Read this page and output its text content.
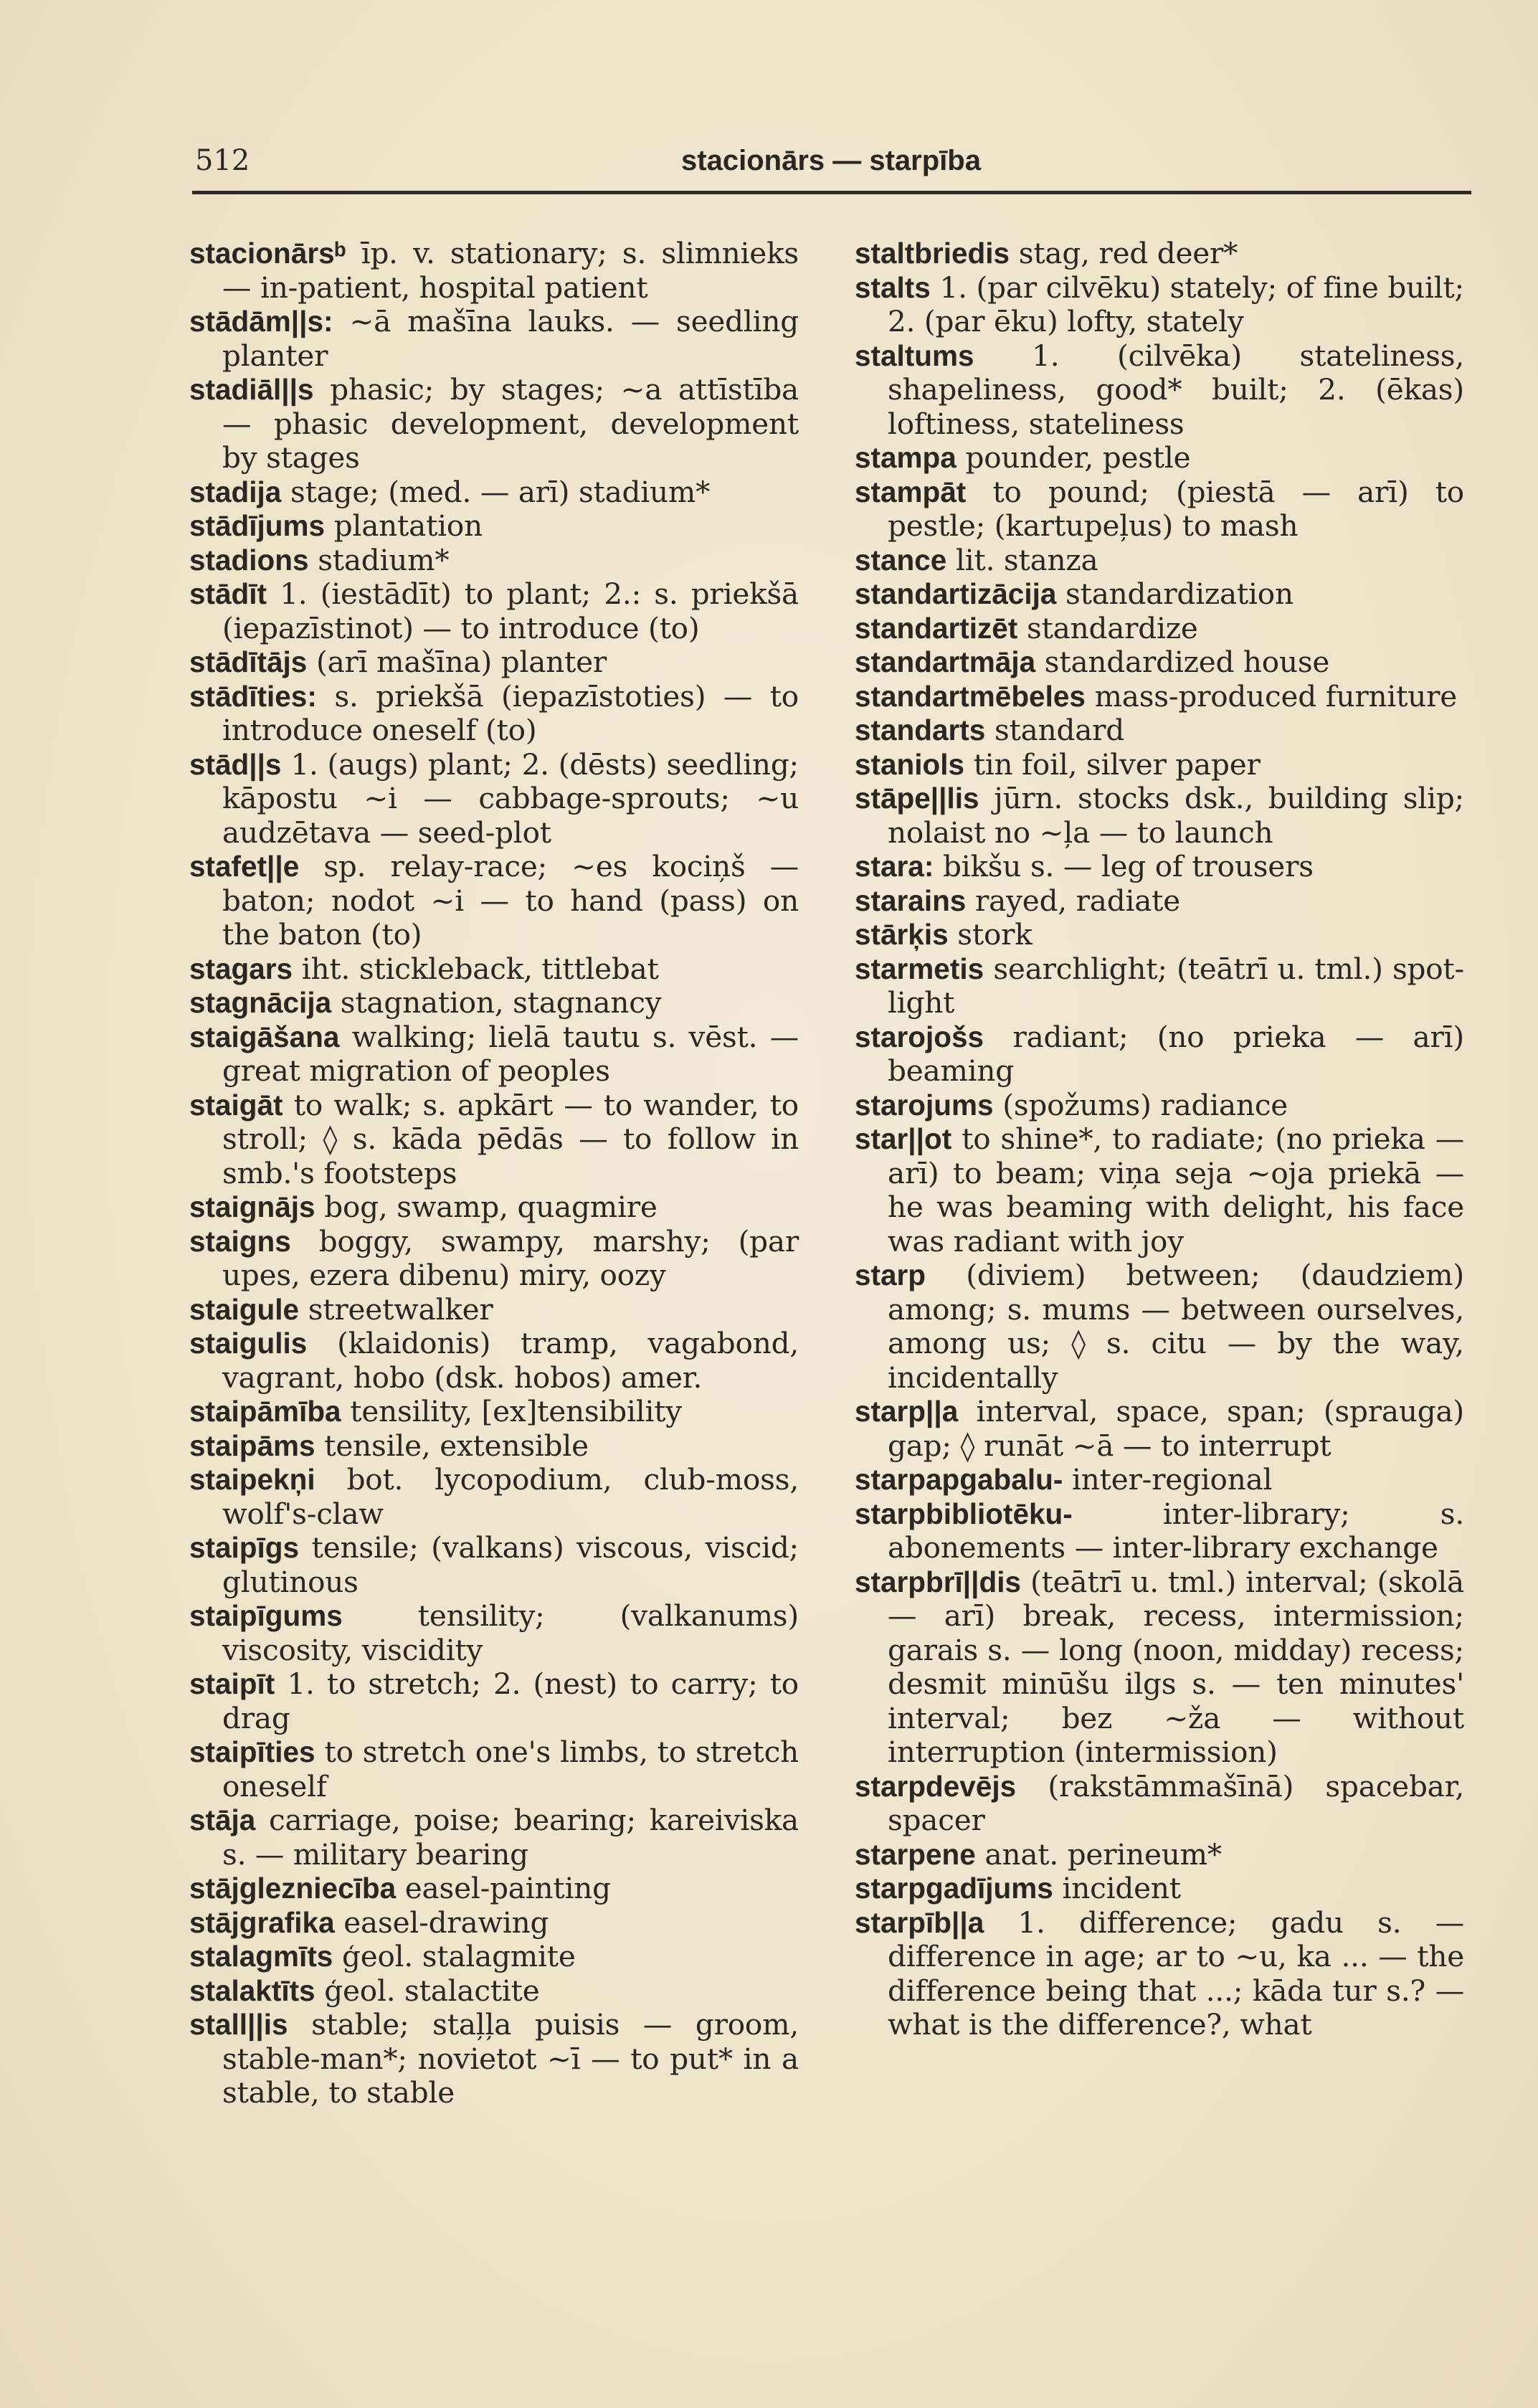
512	stacionārs — starpība
stacionārsᵇ īp. v. stationary; s. slimnieks — in-patient, hospital patient
stādām||s: ~ā mašīna lauks. — seedling planter
stadiāl||s phasic; by stages; ~a attīstība — phasic development, development by stages
stadija stage; (med. — arī) stadium*
stādījums plantation
stadions stadium*
stādīt 1. (iestādīt) to plant; 2.: s. priekšā (iepazīstinot) — to introduce (to)
stādītājs (arī mašīna) planter
stādīties: s. priekšā (iepazīstoties) — to introduce oneself (to)
stād||s 1. (augs) plant; 2. (dēsts) seedling; kāpostu ~i — cabbage-sprouts; ~u audzētava — seed-plot
stafet||e sp. relay-race; ~es kociņš — baton; nodot ~i — to hand (pass) on the baton (to)
stagars iht. stickleback, tittlebat
stagnācija stagnation, stagnancy
staigāšana walking; lielā tautu s. vēst. — great migration of peoples
staigāt to walk; s. apkārt — to wander, to stroll; ◊ s. kāda pēdās — to follow in smb.'s footsteps
staignājs bog, swamp, quagmire
staigns boggy, swampy, marshy; (par upes, ezera dibenu) miry, oozy
staigule streetwalker
staigulis (klaidonis) tramp, vagabond, vagrant, hobo (dsk. hobos) amer.
staipāmība tensility, [ex]tensibility
staipāms tensile, extensible
staipekņi bot. lycopodium, club-moss, wolf's-claw
staipīgs tensile; (valkans) viscous, viscid; glutinous
staipīgums tensility; (valkanums) viscosity, viscidity
staipīt 1. to stretch; 2. (nest) to carry; to drag
staipīties to stretch one's limbs, to stretch oneself
stāja carriage, poise; bearing; kareiviska s. — military bearing
stājglezniecība easel-painting
stājgrafika easel-drawing
stalagmīts ģeol. stalagmite
stalaktīts ģeol. stalactite
stall||is stable; staļļa puisis — groom, stable-man*; novietot ~ī — to put* in a stable, to stable
staltbriedis stag, red deer*
stalts 1. (par cilvēku) stately; of fine built; 2. (par ēku) lofty, stately
staltums 1. (cilvēka) stateliness, shapeliness, good* built; 2. (ēkas) loftiness, stateliness
stampa pounder, pestle
stampāt to pound; (piestā — arī) to pestle; (kartupeļus) to mash
stance lit. stanza
standartizācija standardization
standartizēt standardize
standartmāja standardized house
standartmēbeles mass-produced furniture
standarts standard
staniols tin foil, silver paper
stāpe||lis jūrn. stocks dsk., building slip; nolaist no ~ļa — to launch
stara: bikšu s. — leg of trousers
starains rayed, radiate
stārķis stork
starmetis searchlight; (teātrī u. tml.) spot-light
starojošs radiant; (no prieka — arī) beaming
starojums (spožums) radiance
star||ot to shine*, to radiate; (no prieka — arī) to beam; viņa seja ~oja priekā — he was beaming with delight, his face was radiant with joy
starp (diviem) between; (daudziem) among; s. mums — between ourselves, among us; ◊ s. citu — by the way, incidentally
starp||a interval, space, span; (sprauga) gap; ◊ runāt ~ā — to interrupt
starpapgabalu- inter-regional
starpbibliotēku- inter-library; s. abonements — inter-library exchange
starpbrī||dis (teātrī u. tml.) interval; (skolā — arī) break, recess, intermission; garais s. — long (noon, midday) recess; desmit minūšu ilgs s. — ten minutes' interval; bez ~ža — without interruption (intermission)
starpdevējs (rakstāmmašīnā) spacebar, spacer
starpene anat. perineum*
starpgadījums incident
starpīb||a 1. difference; gadu s. — difference in age; ar to ~u, ka ... — the difference being that ...; kāda tur s.? — what is the difference?, what
